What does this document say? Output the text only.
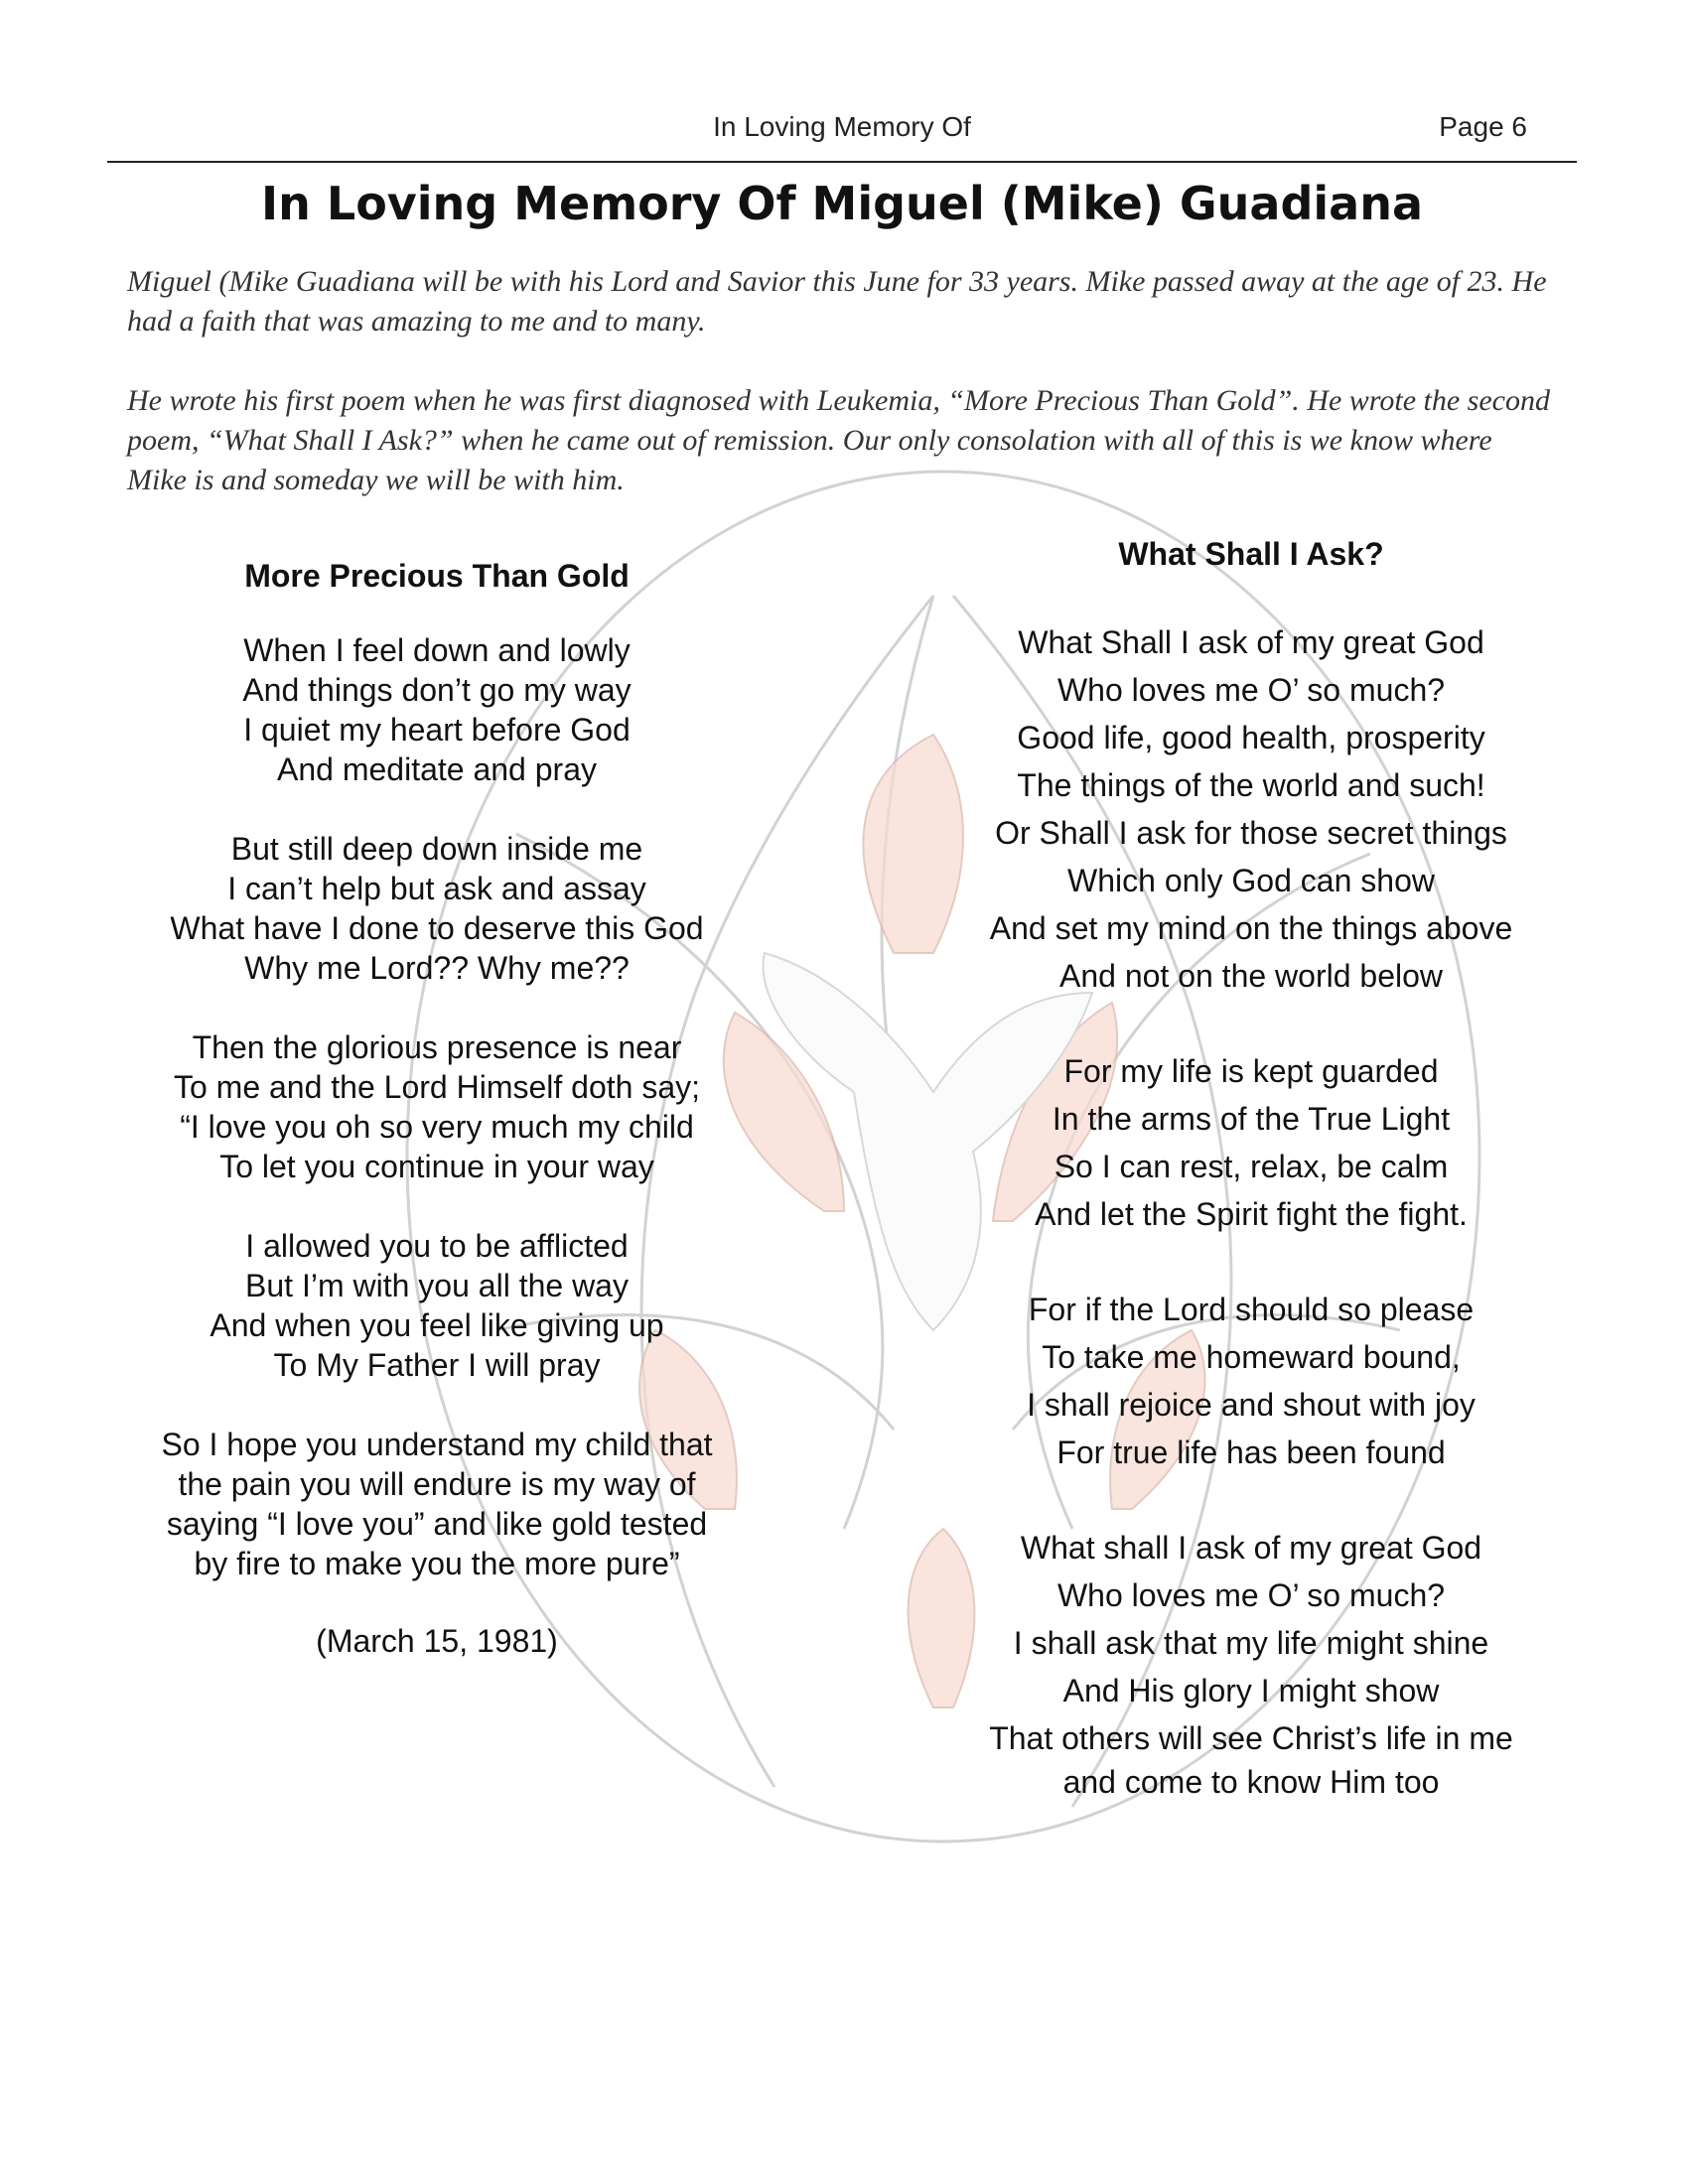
In Loving Memory Of	Page 6
In Loving Memory Of Miguel (Mike) Guadiana

Miguel (Mike Guadiana will be with his Lord and Savior this June for 33 years. Mike passed away at the age of 23. He had a faith that was amazing to me and to many.

He wrote his first poem when he was first diagnosed with Leukemia, “More Precious Than Gold”. He wrote the second poem, “What Shall I Ask?” when he came out of remission. Our only consolation with all of this is we know where Mike is and someday we will be with him.

More Precious Than Gold

When I feel down and lowly
And things don’t go my way
I quiet my heart before God
And meditate and pray

But still deep down inside me
I can’t help but ask and assay
What have I done to deserve this God
Why me Lord?? Why me??

Then the glorious presence is near
To me and the Lord Himself doth say;
“I love you oh so very much my child
To let you continue in your way

I allowed you to be afflicted
But I’m with you all the way
And when you feel like giving up
To My Father I will pray

So I hope you understand my child that
the pain you will endure is my way of
saying “I love you” and like gold tested
by fire to make you the more pure”

(March 15, 1981)

What Shall I Ask?

What Shall I ask of my great God
Who loves me O’ so much?
Good life, good health, prosperity
The things of the world and such!
Or Shall I ask for those secret things
Which only God can show
And set my mind on the things above
And not on the world below

For my life is kept guarded
In the arms of the True Light
So I can rest, relax, be calm
And let the Spirit fight the fight.

For if the Lord should so please
To take me homeward bound,
I shall rejoice and shout with joy
For true life has been found

What shall I ask of my great God
Who loves me O’ so much?
I shall ask that my life might shine
And His glory I might show
That others will see Christ’s life in me
and come to know Him too
